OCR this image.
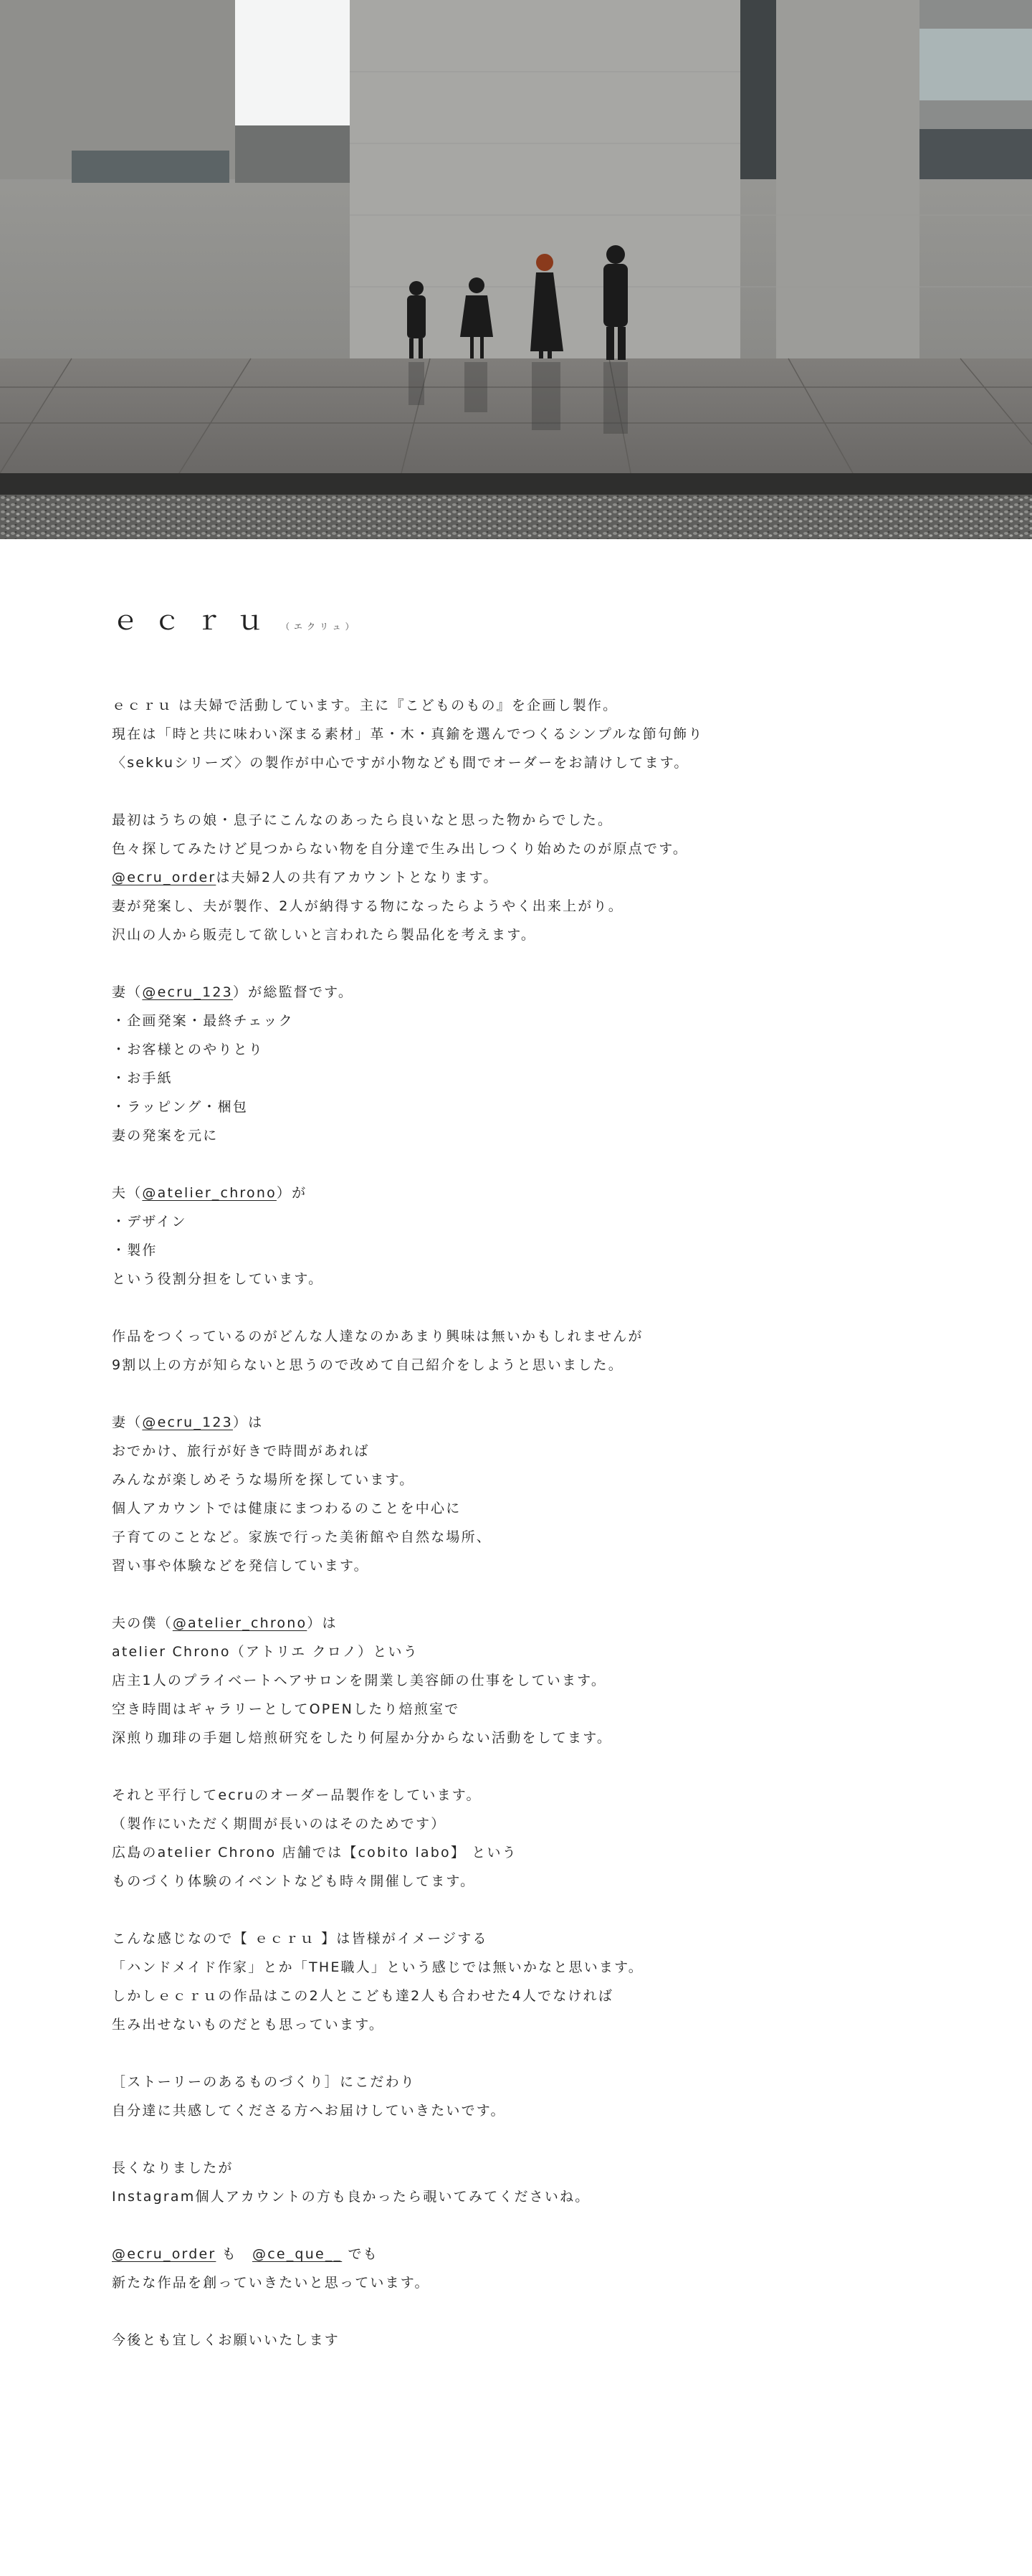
ｅｃｒｕ （エクリュ）
ｅｃｒｕ は夫婦で活動しています。主に『こどものもの』を企画し製作。
現在は「時と共に味わい深まる素材」革・木・真鍮を選んでつくるシンプルな節句飾り
〈sekkuシリーズ〉の製作が中心ですが小物なども間でオーダーをお請けしてます。
最初はうちの娘・息子にこんなのあったら良いなと思った物からでした。
色々探してみたけど見つからない物を自分達で生み出しつくり始めたのが原点です。
@ecru_orderは夫婦2人の共有アカウントとなります。
妻が発案し、夫が製作、2人が納得する物になったらようやく出来上がり。
沢山の人から販売して欲しいと言われたら製品化を考えます。
妻（@ecru_123）が総監督です。
・企画発案・最終チェック
・お客様とのやりとり
・お手紙
・ラッピング・梱包
妻の発案を元に
夫（@atelier_chrono）が
・デザイン
・製作
という役割分担をしています。
作品をつくっているのがどんな人達なのかあまり興味は無いかもしれませんが
9割以上の方が知らないと思うので改めて自己紹介をしようと思いました。
妻（@ecru_123）は
おでかけ、旅行が好きで時間があれば
みんなが楽しめそうな場所を探しています。
個人アカウントでは健康にまつわるのことを中心に
子育てのことなど。家族で行った美術館や自然な場所、
習い事や体験などを発信しています。
夫の僕（@atelier_chrono）は
atelier Chrono（アトリエ クロノ）という
店主1人のプライベートヘアサロンを開業し美容師の仕事をしています。
空き時間はギャラリーとしてOPENしたり焙煎室で
深煎り珈琲の手廻し焙煎研究をしたり何屋か分からない活動をしてます。
それと平行してecruのオーダー品製作をしています。
（製作にいただく期間が長いのはそのためです）
広島のatelier Chrono 店舗では【cobito labo】 という
ものづくり体験のイベントなども時々開催してます。
こんな感じなので【 ｅｃｒｕ 】は皆様がイメージする
「ハンドメイド作家」とか「THE職人」という感じでは無いかなと思います。
しかしｅｃｒｕの作品はこの2人とこども達2人も合わせた4人でなければ
生み出せないものだとも思っています。
［ストーリーのあるものづくり］にこだわり
自分達に共感してくださる方へお届けしていきたいです。
長くなりましたが
Instagram個人アカウントの方も良かったら覗いてみてくださいね。
@ecru_order も　@ce_que__ でも
新たな作品を創っていきたいと思っています。
今後とも宜しくお願いいたします
